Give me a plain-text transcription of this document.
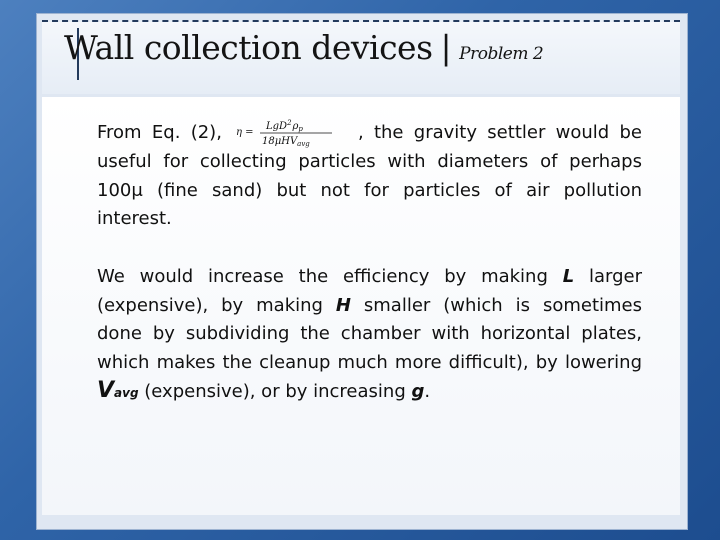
Wall collection devices | Problem 2
From Eq. (2), η =
$LgD^2\rho_p$
18μHV$_{avg}$
, the gravity settler would be useful for collecting particles with diameters of perhaps 100μ (fine sand) but not for particles of air pollution interest.
We would increase the efficiency by making L larger (expensive), by making H smaller (which is sometimes done by subdividing the chamber with horizontal plates, which makes the cleanup much more difficult), by lowering Vavg (expensive), or by increasing g.
